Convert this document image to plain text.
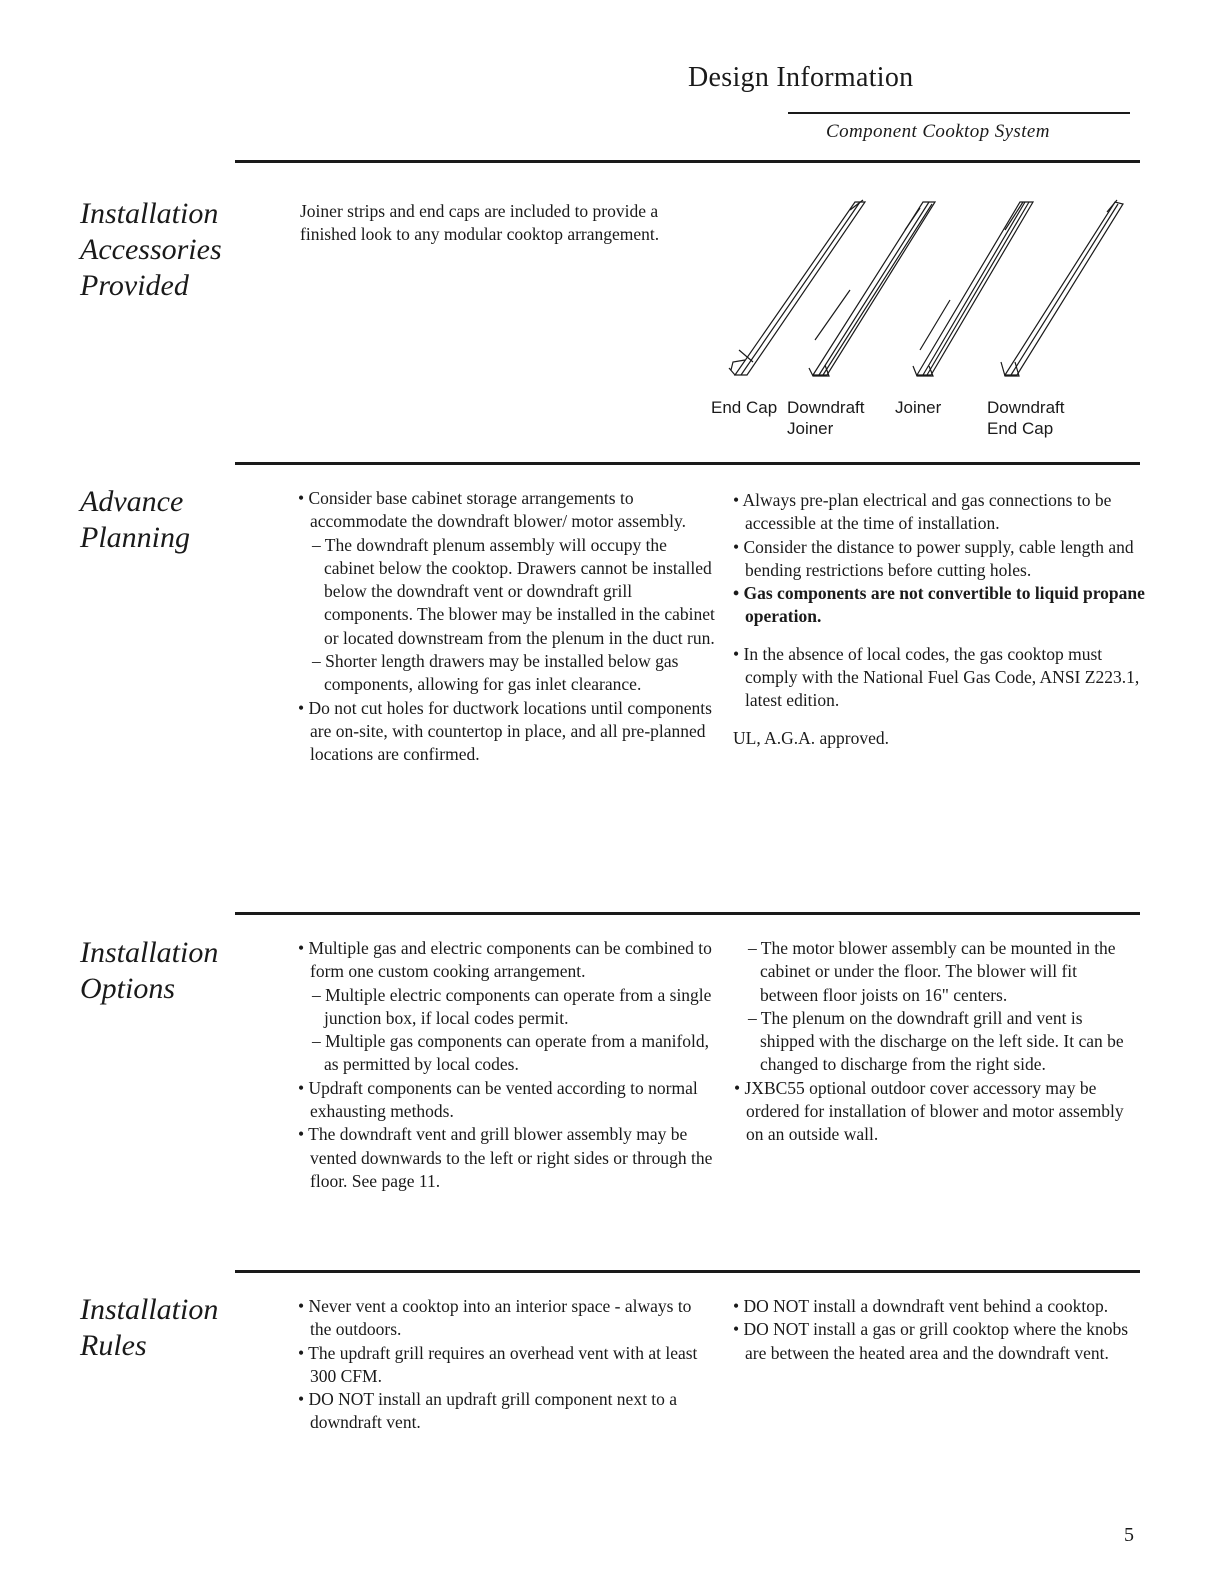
Design Information
Component Cooktop System
Installation
Accessories
Provided
Joiner strips and end caps are included to provide a finished look to any modular cooktop arrangement.
End Cap Downdraft
Joiner
Joiner	Downdraft
End Cap
Advance
Planning
• Consider base cabinet storage arrangements to accommodate the downdraft blower/ motor assembly.
– The downdraft plenum assembly will occupy the cabinet below the cooktop. Drawers cannot be installed below the downdraft vent or downdraft grill components. The blower may be installed in the cabinet or located downstream from the plenum in the duct run.
– Shorter length drawers may be installed below gas components, allowing for gas inlet clearance.
• Do not cut holes for ductwork locations until components are on-site, with countertop in place, and all pre-planned locations are confirmed.
• Always pre-plan electrical and gas connections to be accessible at the time of installation.
• Consider the distance to power supply, cable length and bending restrictions before cutting holes.
• Gas components are not convertible to liquid propane operation.
• In the absence of local codes, the gas cooktop must comply with the National Fuel Gas Code, ANSI Z223.1, latest edition.
UL, A.G.A. approved.
Installation
Options
• Multiple gas and electric components can be combined to form one custom cooking arrangement.
– Multiple electric components can operate from a single junction box, if local codes permit.
– Multiple gas components can operate from a manifold, as permitted by local codes.
• Updraft components can be vented according to normal exhausting methods.
• The downdraft vent and grill blower assembly may be vented downwards to the left or right sides or through the floor. See page 11.
– The motor blower assembly can be mounted in the cabinet or under the floor. The blower will fit between floor joists on 16" centers.
– The plenum on the downdraft grill and vent is shipped with the discharge on the left side. It can be changed to discharge from the right side.
• JXBC55 optional outdoor cover accessory may be ordered for installation of blower and motor assembly on an outside wall.
Installation
Rules
• Never vent a cooktop into an interior space - always to the outdoors.
• The updraft grill requires an overhead vent with at least 300 CFM.
• DO NOT install an updraft grill component next to a downdraft vent.
• DO NOT install a downdraft vent behind a cooktop.
• DO NOT install a gas or grill cooktop where the knobs are between the heated area and the downdraft vent.
5
